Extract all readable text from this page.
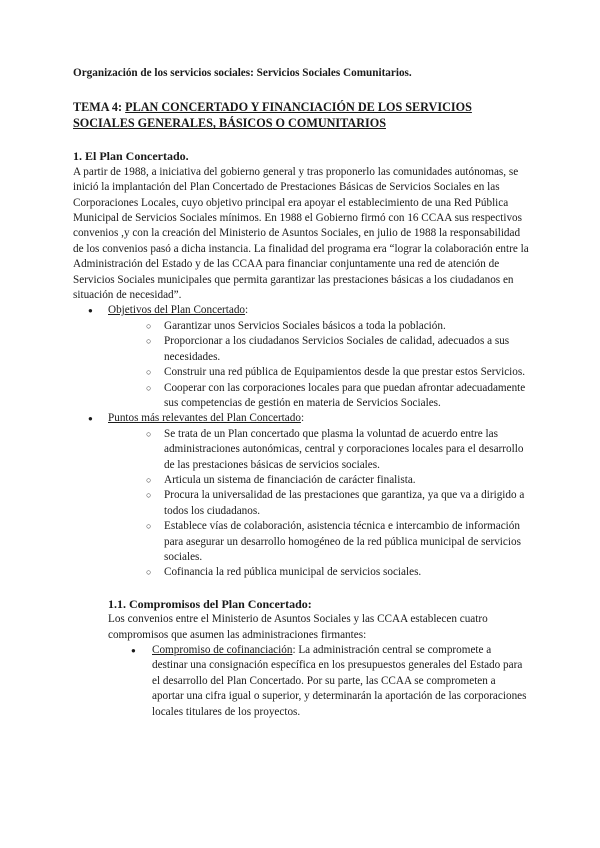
Organización de los servicios sociales: Servicios Sociales Comunitarios.

TEMA 4: PLAN CONCERTADO Y FINANCIACIÓN DE LOS SERVICIOS SOCIALES GENERALES, BÁSICOS O COMUNITARIOS

1. El Plan Concertado.

A partir de 1988, a iniciativa del gobierno general y tras proponerlo las comunidades autónomas, se inició la implantación del Plan Concertado de Prestaciones Básicas de Servicios Sociales en las Corporaciones Locales, cuyo objetivo principal era apoyar el establecimiento de una Red Pública Municipal de Servicios Sociales mínimos. En 1988 el Gobierno firmó con 16 CCAA sus respectivos convenios ,y con la creación del Ministerio de Asuntos Sociales, en julio de 1988 la responsabilidad de los convenios pasó a dicha instancia. La finalidad del programa era “lograr la colaboración entre la Administración del Estado y de las CCAA para financiar conjuntamente una red de atención de Servicios Sociales municipales que permita garantizar las prestaciones básicas a los ciudadanos en situación de necesidad”.

● Objetivos del Plan Concertado:
○ Garantizar unos Servicios Sociales básicos a toda la población.
○ Proporcionar a los ciudadanos Servicios Sociales de calidad, adecuados a sus necesidades.
○ Construir una red pública de Equipamientos desde la que prestar estos Servicios.
○ Cooperar con las corporaciones locales para que puedan afrontar adecuadamente sus competencias de gestión en materia de Servicios Sociales.
● Puntos más relevantes del Plan Concertado:
○ Se trata de un Plan concertado que plasma la voluntad de acuerdo entre las administraciones autonómicas, central y corporaciones locales para el desarrollo de las prestaciones básicas de servicios sociales.
○ Articula un sistema de financiación de carácter finalista.
○ Procura la universalidad de las prestaciones que garantiza, ya que va a dirigido a todos los ciudadanos.
○ Establece vías de colaboración, asistencia técnica e intercambio de información para asegurar un desarrollo homogéneo de la red pública municipal de servicios sociales.
○ Cofinancia la red pública municipal de servicios sociales.

1.1. Compromisos del Plan Concertado:

Los convenios entre el Ministerio de Asuntos Sociales y las CCAA establecen cuatro compromisos que asumen las administraciones firmantes:

● Compromiso de cofinanciación: La administración central se compromete a destinar una consignación específica en los presupuestos generales del Estado para el desarrollo del Plan Concertado. Por su parte, las CCAA se comprometen a aportar una cifra igual o superior, y determinarán la aportación de las corporaciones locales titulares de los proyectos.
